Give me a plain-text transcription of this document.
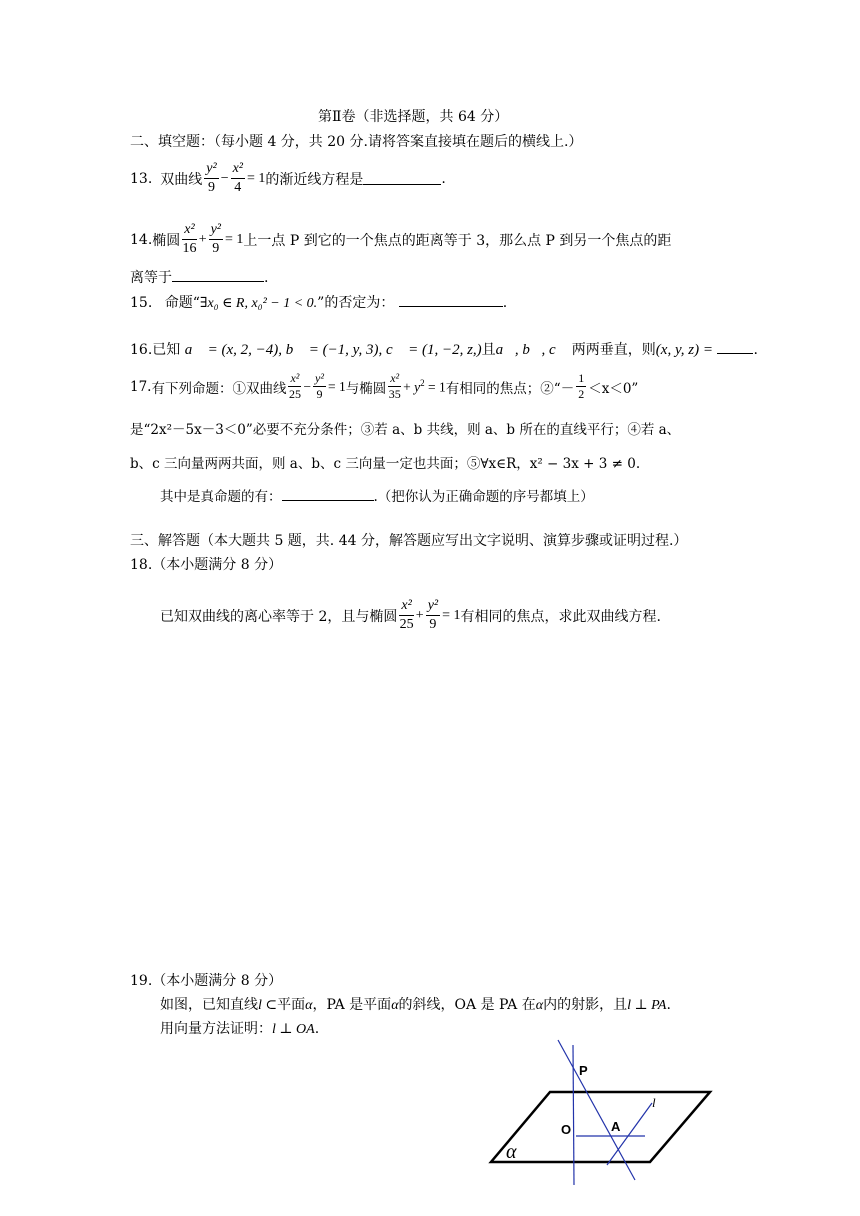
第Ⅱ卷（非选择题，共 64 分）
二、填空题：（每小题 4 分，共 20 分.请将答案直接填在题后的横线上.）
13. 双曲线 $\frac{\text{y²}}{9} - \frac{\text{x²}}{4} = 1$ 的渐近线方程是	.
14. 椭圆 $\frac{\text{x²}}{16} + \frac{\text{y²}}{9} = 1$ 上一点 P 到它的一个焦点的距离等于 3，那么点 P 到另一个焦点的距
离等于	.
15. 命题“∃x₀ ∈ R, x₀² − 1 < 0.”的否定为：	.
16.已知 a⃗ = (x, 2, −4), b⃗ = (−1, y, 3), c⃗ = (1, −2, z,)且a⃗, b⃗, c⃗ 两两垂直，则(x, y, z) =	.
17. 有下列命题：①双曲线 $\frac{\text{x²}}{25} - \frac{\text{y²}}{9} = 1$ 与椭圆 $\frac{\text{x²}}{35} + y^2 = 1$ 有相同的焦点；②“－ $\frac{1}{2} <x<0$”
是“2x²－5x－3＜0”必要不充分条件；③若 a、b 共线，则 a、b 所在的直线平行；④若 a、
b、c 三向量两两共面，则 a、b、c 三向量一定也共面；⑤∀x∈R，x² − 3x + 3 ≠ 0.
其中是真命题的有：	.（把你认为正确命题的序号都填上）
三、解答题（本大题共 5 题，共. 44 分，解答题应写出文字说明、演算步骤或证明过程.）
18.（本小题满分 8 分）
已知双曲线的离心率等于 2，且与椭圆 $\frac{\text{x²}}{25} + \frac{\text{y²}}{9} = 1$ 有相同的焦点，求此双曲线方程.
19.（本小题满分 8 分）
如图，已知直线l ⊂平面α，PA 是平面α的斜线，OA 是 PA 在α内的射影，且l ⊥ PA.
用向量方法证明：l ⊥ OA.
P
O	A
l
α
